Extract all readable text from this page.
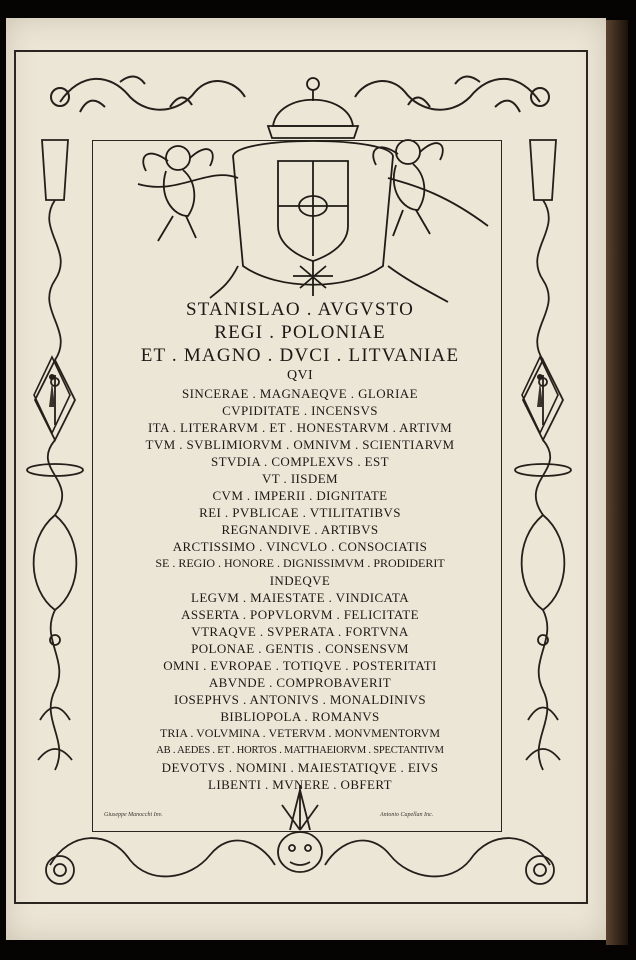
STANISLAO . AVGVSTO
REGI . POLONIAE
ET . MAGNO . DVCI . LITVANIAE
QVI
SINCERAE . MAGNAEQVE . GLORIAE
CVPIDITATE . INCENSVS
ITA . LITERARVM . ET . HONESTARVM . ARTIVM
TVM . SVBLIMIORVM . OMNIVM . SCIENTIARVM
STVDIA . COMPLEXVS . EST
VT . IISDEM
CVM . IMPERII . DIGNITATE
REI . PVBLICAE . VTILITATIBVS
REGNANDIVE . ARTIBVS
ARCTISSIMO . VINCVLO . CONSOCIATIS
SE . REGIO . HONORE . DIGNISSIMVM . PRODIDERIT
INDEQVE
LEGVM . MAIESTATE . VINDICATA
ASSERTA . POPVLORVM . FELICITATE
VTRAQVE . SVPERATA . FORTVNA
POLONAE . GENTIS . CONSENSVM
OMNI . EVROPAE . TOTIQVE . POSTERITATI
ABVNDE . COMPROBAVERIT
IOSEPHVS . ANTONIVS . MONALDINIVS
BIBLIOPOLA . ROMANVS
TRIA . VOLVMINA . VETERVM . MONVMENTORVM
AB . AEDES . ET . HORTOS . MATTHAEIORVM . SPECTANTIVM
DEVOTVS . NOMINI . MAIESTATIQVE . EIVS
LIBENTI . MVNERE . OBFERT
Giuseppe Manocchi Inv.	Antonio Capellan Inc.
